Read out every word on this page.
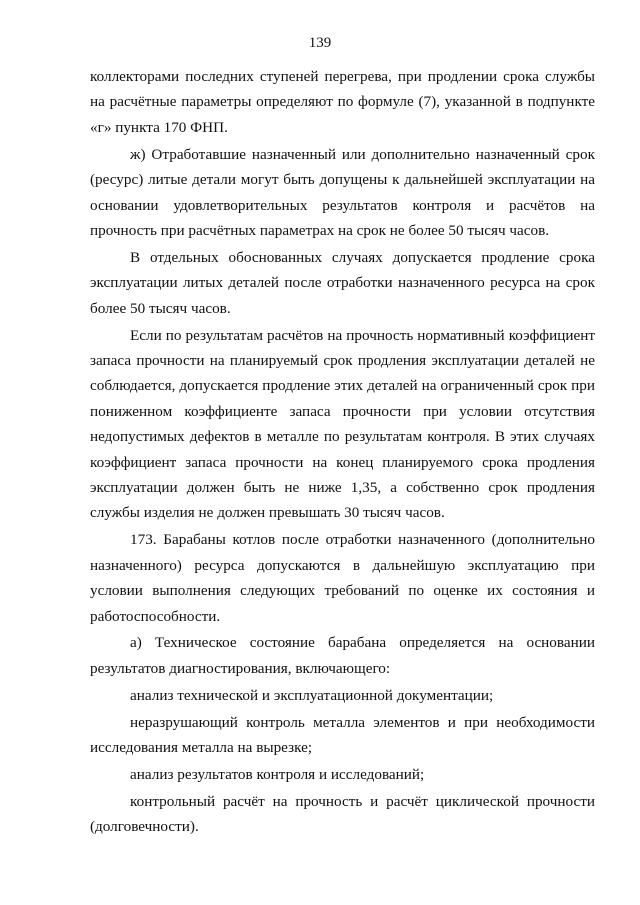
139

коллекторами последних ступеней перегрева, при продлении срока службы на расчётные параметры определяют по формуле (7), указанной в подпункте «г» пункта 170 ФНП.

ж) Отработавшие назначенный или дополнительно назначенный срок (ресурс) литые детали могут быть допущены к дальнейшей эксплуатации на основании удовлетворительных результатов контроля и расчётов на прочность при расчётных параметрах на срок не более 50 тысяч часов.

В отдельных обоснованных случаях допускается продление срока эксплуатации литых деталей после отработки назначенного ресурса на срок более 50 тысяч часов.

Если по результатам расчётов на прочность нормативный коэффициент запаса прочности на планируемый срок продления эксплуатации деталей не соблюдается, допускается продление этих деталей на ограниченный срок при пониженном коэффициенте запаса прочности при условии отсутствия недопустимых дефектов в металле по результатам контроля. В этих случаях коэффициент запаса прочности на конец планируемого срока продления эксплуатации должен быть не ниже 1,35, а собственно срок продления службы изделия не должен превышать 30 тысяч часов.

173. Барабаны котлов после отработки назначенного (дополнительно назначенного) ресурса допускаются в дальнейшую эксплуатацию при условии выполнения следующих требований по оценке их состояния и работоспособности.

а) Техническое состояние барабана определяется на основании результатов диагностирования, включающего:

анализ технической и эксплуатационной документации;

неразрушающий контроль металла элементов и при необходимости исследования металла на вырезке;

анализ результатов контроля и исследований;

контрольный расчёт на прочность и расчёт циклической прочности (долговечности).
